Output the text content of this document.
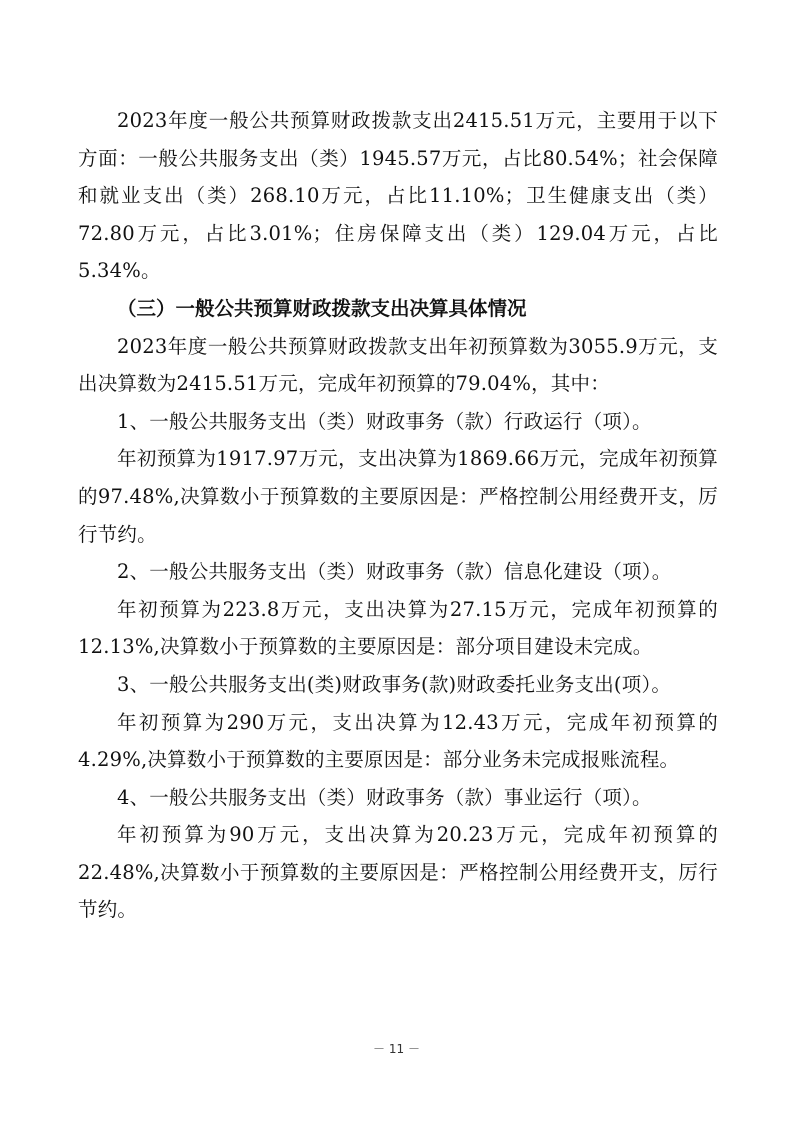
2023年度一般公共预算财政拨款支出2415.51万元，主要用于以下方面：一般公共服务支出（类）1945.57万元，占比80.54%；社会保障和就业支出（类）268.10万元，占比11.10%；卫生健康支出（类）72.80万元，占比3.01%；住房保障支出（类）129.04万元，占比5.34%。

（三）一般公共预算财政拨款支出决算具体情况

2023年度一般公共预算财政拨款支出年初预算数为3055.9万元，支出决算数为2415.51万元，完成年初预算的79.04%，其中：

1、一般公共服务支出（类）财政事务（款）行政运行（项）。

年初预算为1917.97万元，支出决算为1869.66万元，完成年初预算的97.48%,决算数小于预算数的主要原因是：严格控制公用经费开支，厉行节约。

2、一般公共服务支出（类）财政事务（款）信息化建设（项）。

年初预算为223.8万元，支出决算为27.15万元，完成年初预算的12.13%,决算数小于预算数的主要原因是：部分项目建设未完成。

3、一般公共服务支出(类)财政事务(款)财政委托业务支出(项）。

年初预算为290万元，支出决算为12.43万元，完成年初预算的4.29%,决算数小于预算数的主要原因是：部分业务未完成报账流程。

4、一般公共服务支出（类）财政事务（款）事业运行（项）。

年初预算为90万元，支出决算为20.23万元，完成年初预算的22.48%,决算数小于预算数的主要原因是：严格控制公用经费开支，厉行节约。

－ 11 －
